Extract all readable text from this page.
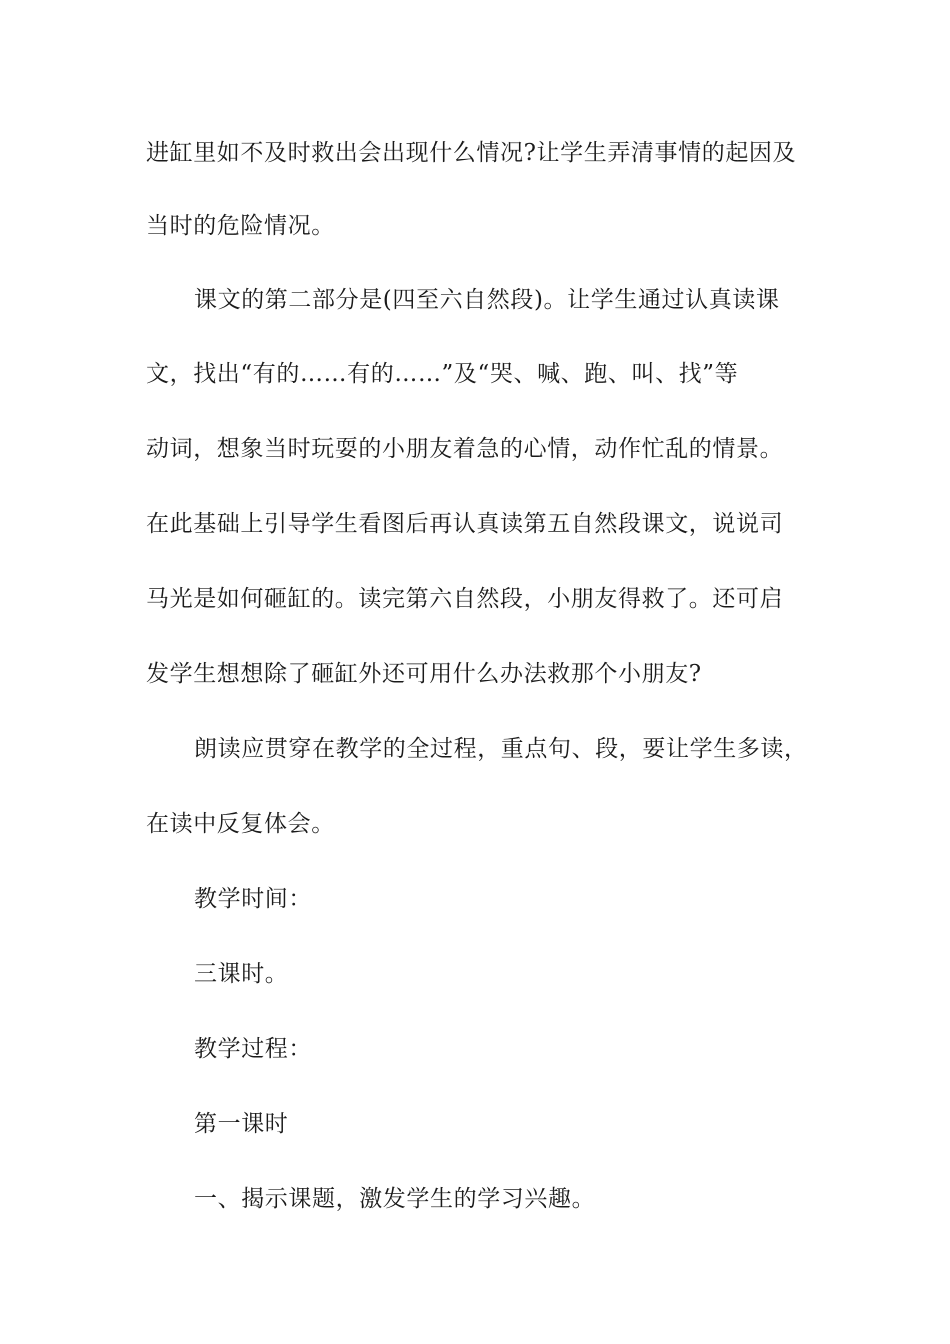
进缸里如不及时救出会出现什么情况?让学生弄清事情的起因及
当时的危险情况。
课文的第二部分是(四至六自然段)。让学生通过认真读课
文，找出“有的……有的……”及“哭、喊、跑、叫、找”等
动词，想象当时玩耍的小朋友着急的心情，动作忙乱的情景。
在此基础上引导学生看图后再认真读第五自然段课文，说说司
马光是如何砸缸的。读完第六自然段，小朋友得救了。还可启
发学生想想除了砸缸外还可用什么办法救那个小朋友?
朗读应贯穿在教学的全过程，重点句、段，要让学生多读，
在读中反复体会。
教学时间：
三课时。
教学过程：
第一课时
一、揭示课题，激发学生的学习兴趣。
